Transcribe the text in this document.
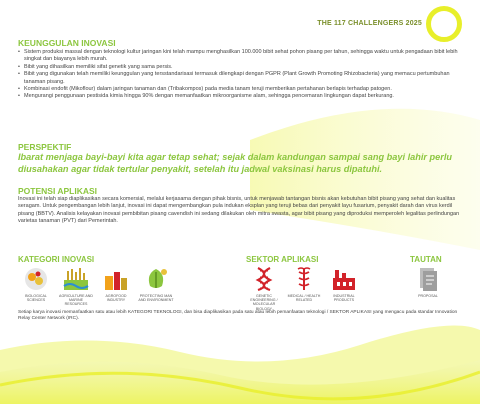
THE 117 CHALLENGERS 2025
KEUNGGULAN INOVASI
• Sistem produksi massal dengan teknologi kultur jaringan kini telah mampu menghasilkan 100.000 bibit sehat pohon pisang per tahun, sehingga waktu untuk pengadaan bibit lebih singkat dan biayanya lebih murah.
• Bibit yang dihasilkan memiliki sifat genetik yang sama persis.
• Bibit yang digunakan telah memiliki keunggulan yang tersstandarisasi termasuk dilengkapi dengan PGPR (Plant Growth Promoting Rhizobacteria) yang memacu pertumbuhan tanaman pisang.
• Kombinasi endofit (Mikoflour) dalam jaringan tanaman dan (Tribakompos) pada media tanam teruji memberikan pertahanan berlapis terhadap patogen.
• Mengurangi penggunaan pestisida kimia hingga 90% dengan memanfaatkan mikroorganisme alam, sehingga pencemaran lingkungan dapat berkurang.
PERSPEKTIF
Ibarat menjaga bayi-bayi kita agar tetap sehat; sejak dalam kandungan sampai sang bayi lahir perlu diusahakan agar tidak tertular penyakit, setelah itu jadwal vaksinasi harus dipatuhi.
POTENSI APLIKASI
Inovasi ini telah siap diaplikasikan secara komersial, melalui kerjasama dengan pihak bisnis, untuk menjawab tantangan bisnis akan kebutuhan bibit pisang yang sehat dan kualitas seragam. Untuk pengembangan lebih lanjut, inovasi ini dapat mengembangkan pula indukan eksplan yang teruji bebas dari penyakit layu fusarium, penyakit darah dan virus kerdil pisang (BBTV). Analisis kelayakan inovasi pembibitan pisang cavendish ini sedang dilakukan oleh mitra swasta, agar bibit pisang yang diproduksi memperoleh legalitas perlindungan varietas tanaman (PVT) dari Pemerintah.
KATEGORI INOVASI
BIOLOGICAL SCIENCES
AGRICULTURE AND MARINE RESOURCES
AGROFOOD INDUSTRY
PROTECTING MAN AND ENVIRONMENT
SEKTOR APLIKASI
GENETIC ENGINEERING / MOLECULAR BIOLOGY
MEDICAL / HEALTH RELATED
INDUSTRIAL PRODUCTS
TAUTAN
PROPOSAL
Setiap karya inovasi memanfaatkan satu atau lebih KATEGORI TEKNOLOGI, dan bisa diaplikasikan pada satu atau lebih pemanfaatan teknologi / SEKTOR APLIKASI yang mengacu pada standar Innovation Relay Center Network (IRC).
